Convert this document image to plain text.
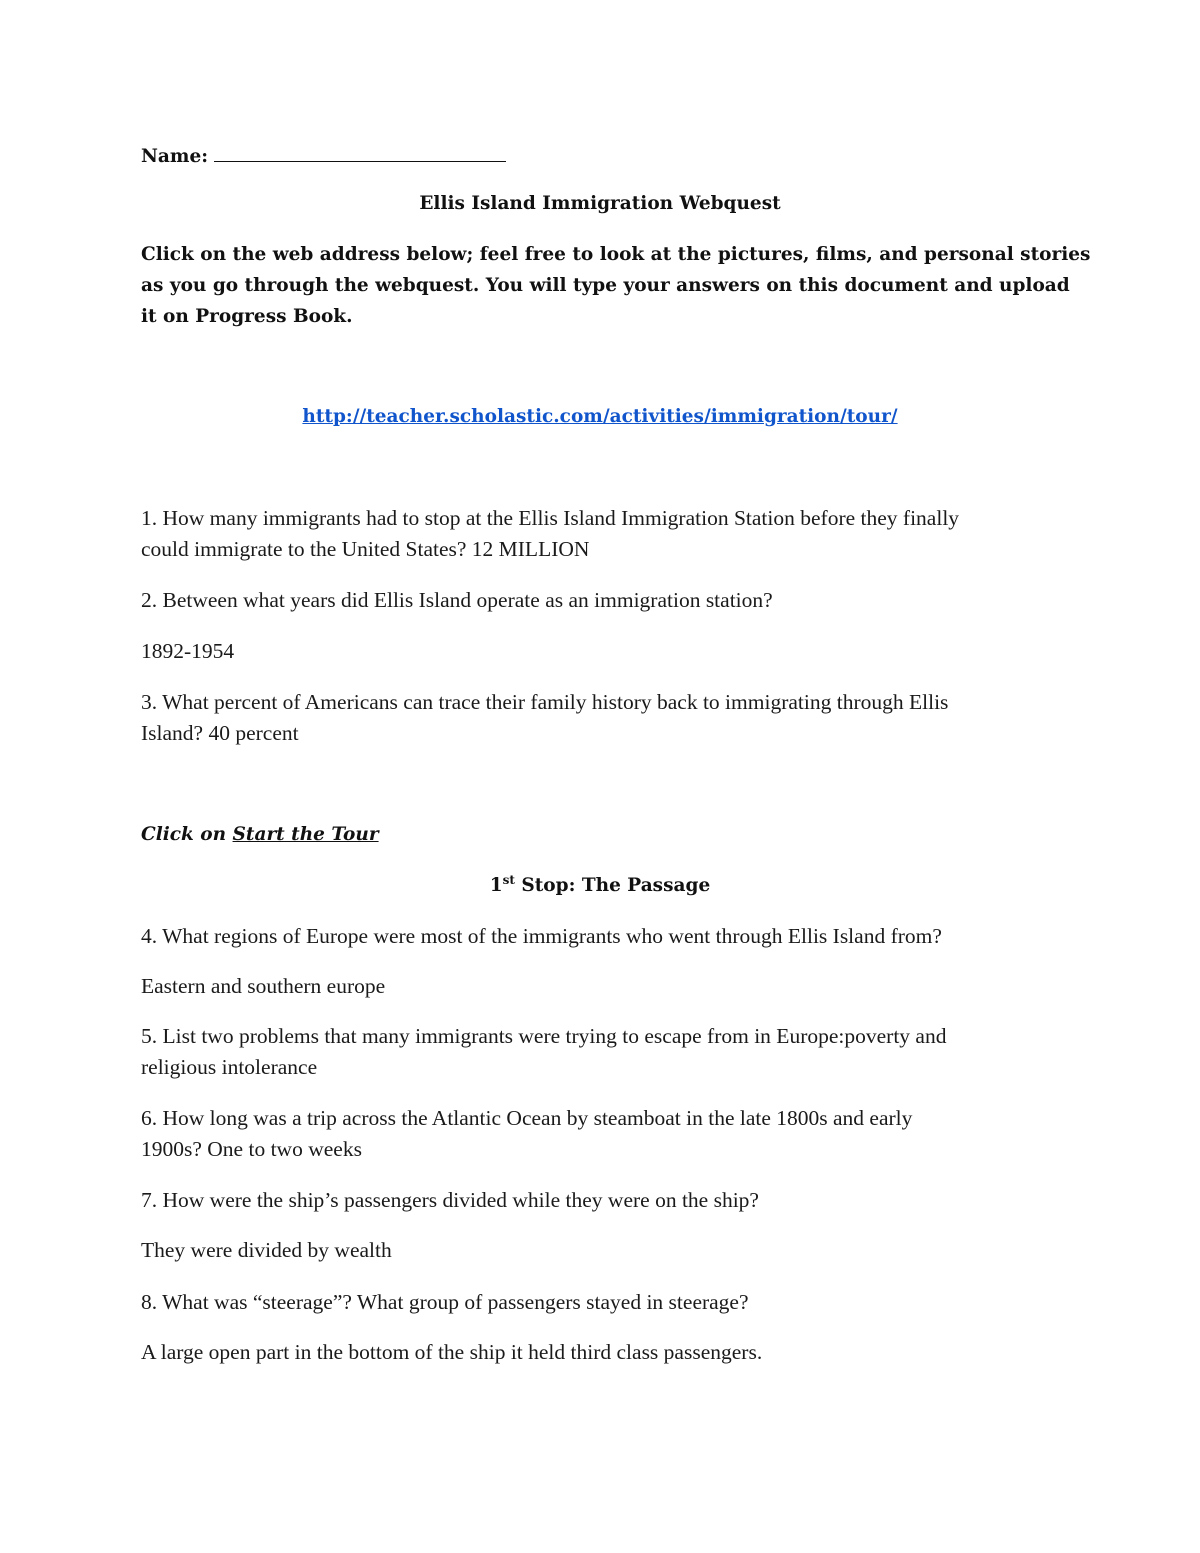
Name:
Ellis Island Immigration Webquest
Click on the web address below; feel free to look at the pictures, films, and personal stories
as you go through the webquest. You will type your answers on this document and upload
it on Progress Book.
http://teacher.scholastic.com/activities/immigration/tour/
1. How many immigrants had to stop at the Ellis Island Immigration Station before they finally
could immigrate to the United States? 12 MILLION
2. Between what years did Ellis Island operate as an immigration station?
1892-1954
3. What percent of Americans can trace their family history back to immigrating through Ellis
Island? 40 percent
Click on Start the Tour
1st Stop: The Passage
4. What regions of Europe were most of the immigrants who went through Ellis Island from?
Eastern and southern europe
5. List two problems that many immigrants were trying to escape from in Europe:poverty and
religious intolerance
6. How long was a trip across the Atlantic Ocean by steamboat in the late 1800s and early
1900s? One to two weeks
7. How were the ship’s passengers divided while they were on the ship?
They were divided by wealth
8. What was “steerage”? What group of passengers stayed in steerage?
A large open part in the bottom of the ship it held third class passengers.
